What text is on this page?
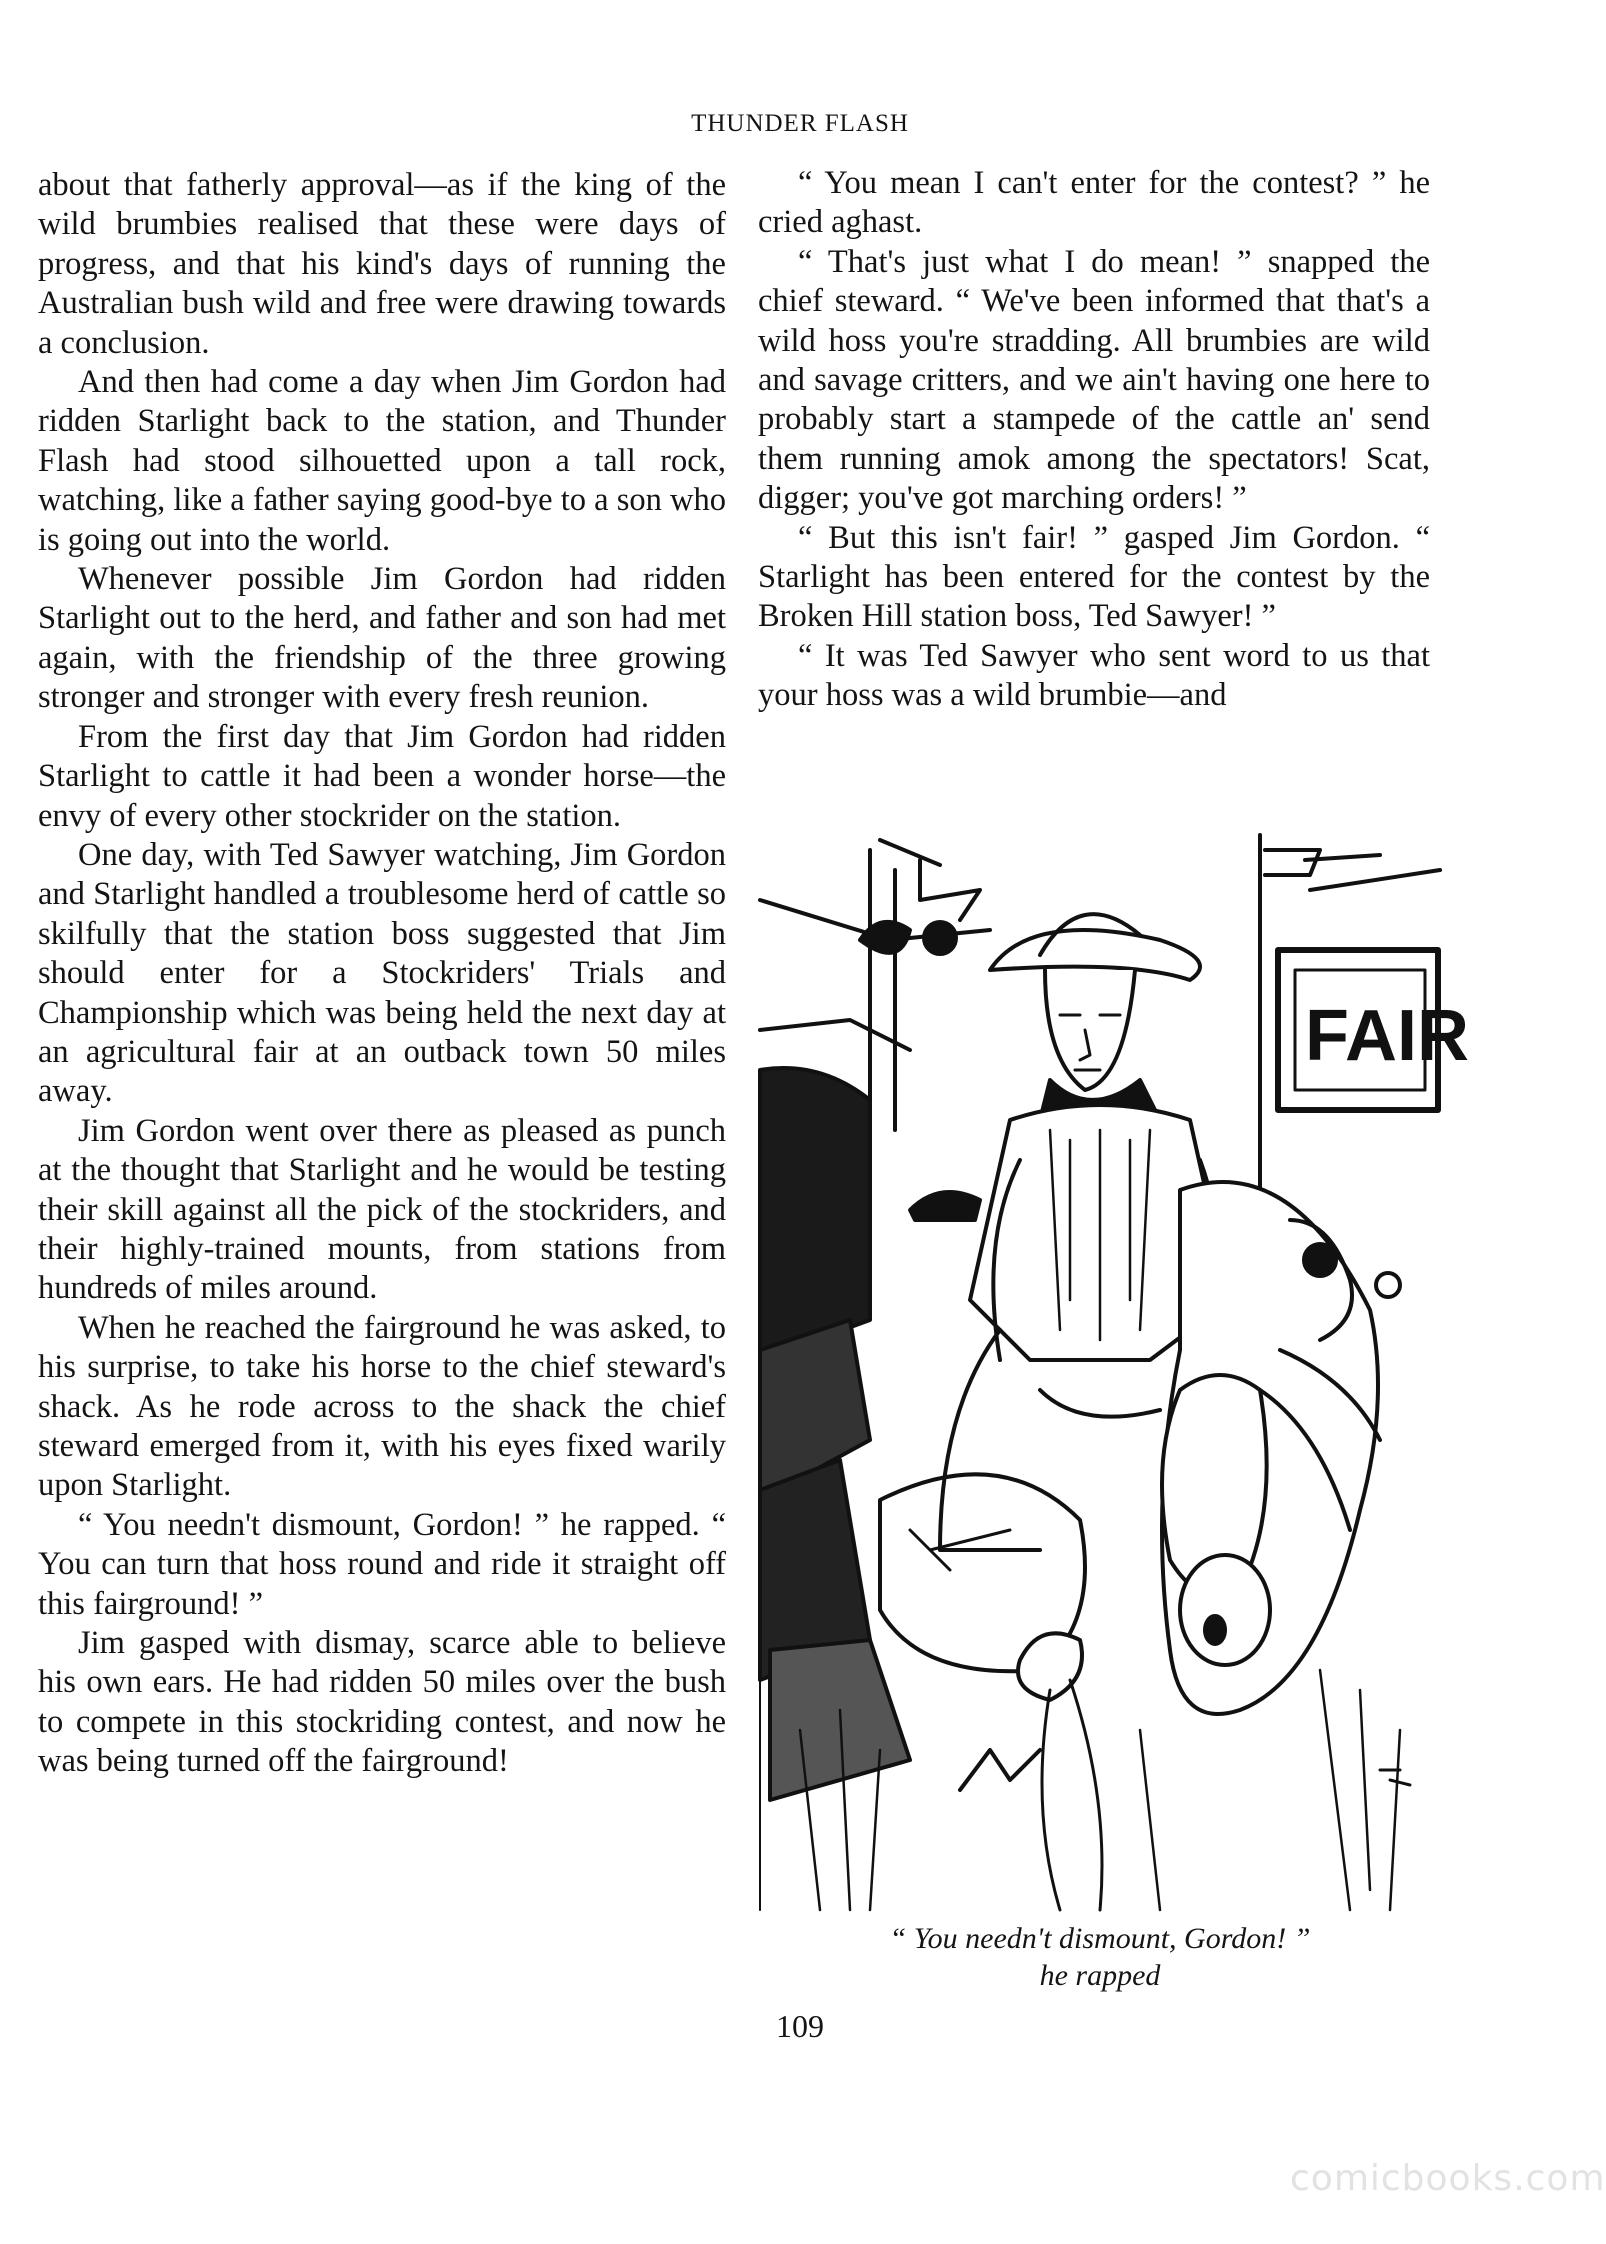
THUNDER FLASH

about that fatherly approval—as if the king of the wild brumbies realised that these were days of progress, and that his kind's days of running the Australian bush wild and free were drawing towards a conclusion.

And then had come a day when Jim Gordon had ridden Starlight back to the station, and Thunder Flash had stood silhouetted upon a tall rock, watching, like a father saying good-bye to a son who is going out into the world.

Whenever possible Jim Gordon had ridden Starlight out to the herd, and father and son had met again, with the friendship of the three growing stronger and stronger with every fresh reunion.

From the first day that Jim Gordon had ridden Starlight to cattle it had been a wonder horse—the envy of every other stockrider on the station.

One day, with Ted Sawyer watching, Jim Gordon and Starlight handled a troublesome herd of cattle so skilfully that the station boss suggested that Jim should enter for a Stockriders' Trials and Championship which was being held the next day at an agricultural fair at an outback town 50 miles away.

Jim Gordon went over there as pleased as punch at the thought that Starlight and he would be testing their skill against all the pick of the stockriders, and their highly-trained mounts, from stations from hundreds of miles around.

When he reached the fairground he was asked, to his surprise, to take his horse to the chief steward's shack. As he rode across to the shack the chief steward emerged from it, with his eyes fixed warily upon Starlight.

“ You needn't dismount, Gordon! ” he rapped. “ You can turn that hoss round and ride it straight off this fairground! ”

Jim gasped with dismay, scarce able to believe his own ears. He had ridden 50 miles over the bush to compete in this stockriding contest, and now he was being turned off the fairground!

“ You mean I can't enter for the contest? ” he cried aghast.

“ That's just what I do mean! ” snapped the chief steward. “ We've been informed that that's a wild hoss you're stradding. All brumbies are wild and savage critters, and we ain't having one here to probably start a stampede of the cattle an' send them running amok among the spectators! Scat, digger; you've got marching orders! ”

“ But this isn't fair! ” gasped Jim Gordon. “ Starlight has been entered for the contest by the Broken Hill station boss, Ted Sawyer! ”

“ It was Ted Sawyer who sent word to us that your hoss was a wild brumbie—and

FAIR
“ You needn't dismount, Gordon! ”
he rapped
109
comicbooks.com
